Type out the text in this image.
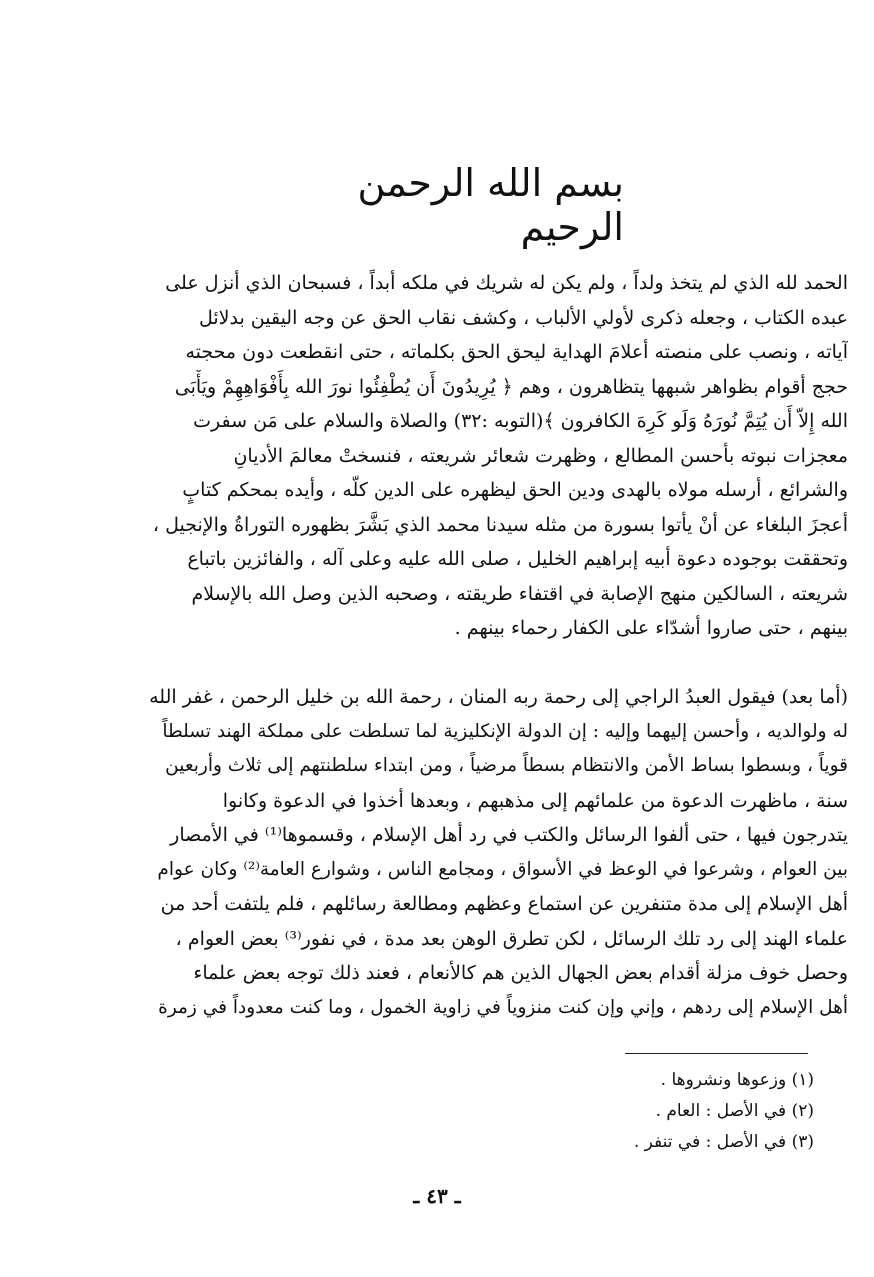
بسم الله الرحمن الرحيم
الحمد لله الذي لم يتخذ ولداً ، ولم يكن له شريك في ملكه أبداً ، فسبحان الذي أنزل على
عبده الكتاب ، وجعله ذكرى لأولي الألباب ، وكشف نقاب الحق عن وجه اليقين بدلائل
آياته ، ونصب على منصته أعلامَ الهداية ليحق الحق بكلماته ، حتى انقطعت دون محجته
حجج أقوام بظواهر شبهها يتظاهرون ، وهم ﴿ يُرِيدُونَ أَن يُطْفِئُوا نورَ الله بِأَفْوَاهِهِمْ ويَأْبَى
الله إِلاّ أَن يُتِمَّ نُورَهُ وَلَو كَرِهَ الكافرون ﴾(التوبه :٣٢) والصلاة والسلام على مَن سفرت
معجزات نبوته بأحسن المطالع ، وظهرت شعائر شريعته ، فنسختْ معالمَ الأديانِ
والشرائع ، أرسله مولاه بالهدى ودين الحق ليظهره على الدين كلّه ، وأيده بمحكم كتابٍ
أعجزَ البلغاء عن أنْ يأتوا بسورة من مثله سيدنا محمد الذي بَشَّرَ بظهوره التوراةُ والإنجيل ،
وتحققت بوجوده دعوة أبيه إبراهيم الخليل ، صلى الله عليه وعلى آله ، والفائزين باتباع
شريعته ، السالكين منهج الإصابة في اقتفاء طريقته ، وصحبه الذين وصل الله بالإسلام
بينهم ، حتى صاروا أشدّاء على الكفار رحماء بينهم .
(أما بعد) فيقول العبدُ الراجي إلى رحمة ربه المنان ، رحمة الله بن خليل الرحمن ، غفر الله
له ولوالديه ، وأحسن إليهما وإليه : إن الدولة الإنكليزية لما تسلطت على مملكة الهند تسلطاً
قوياً ، وبسطوا بساط الأمن والانتظام بسطاً مرضياً ، ومن ابتداء سلطنتهم إلى ثلاث وأربعين
سنة ، ماظهرت الدعوة من علمائهم إلى مذهبهم ، وبعدها أخذوا في الدعوة وكانوا
يتدرجون فيها ، حتى ألفوا الرسائل والكتب في رد أهل الإسلام ، وقسموها⁽¹⁾ في الأمصار
بين العوام ، وشرعوا في الوعظ في الأسواق ، ومجامع الناس ، وشوارع العامة⁽²⁾ وكان عوام
أهل الإسلام إلى مدة متنفرين عن استماع وعظهم ومطالعة رسائلهم ، فلم يلتفت أحد من
علماء الهند إلى رد تلك الرسائل ، لكن تطرق الوهن بعد مدة ، في نفور⁽³⁾ بعض العوام ،
وحصل خوف مزلة أقدام بعض الجهال الذين هم كالأنعام ، فعند ذلك توجه بعض علماء
أهل الإسلام إلى ردهم ، وإني وإن كنت منزوياً في زاوية الخمول ، وما كنت معدوداً في زمرة
(١) وزعوها ونشروها .
(٢) في الأصل : العام .
(٣) في الأصل : في تنفر .
ـ ٤٣ ـ
